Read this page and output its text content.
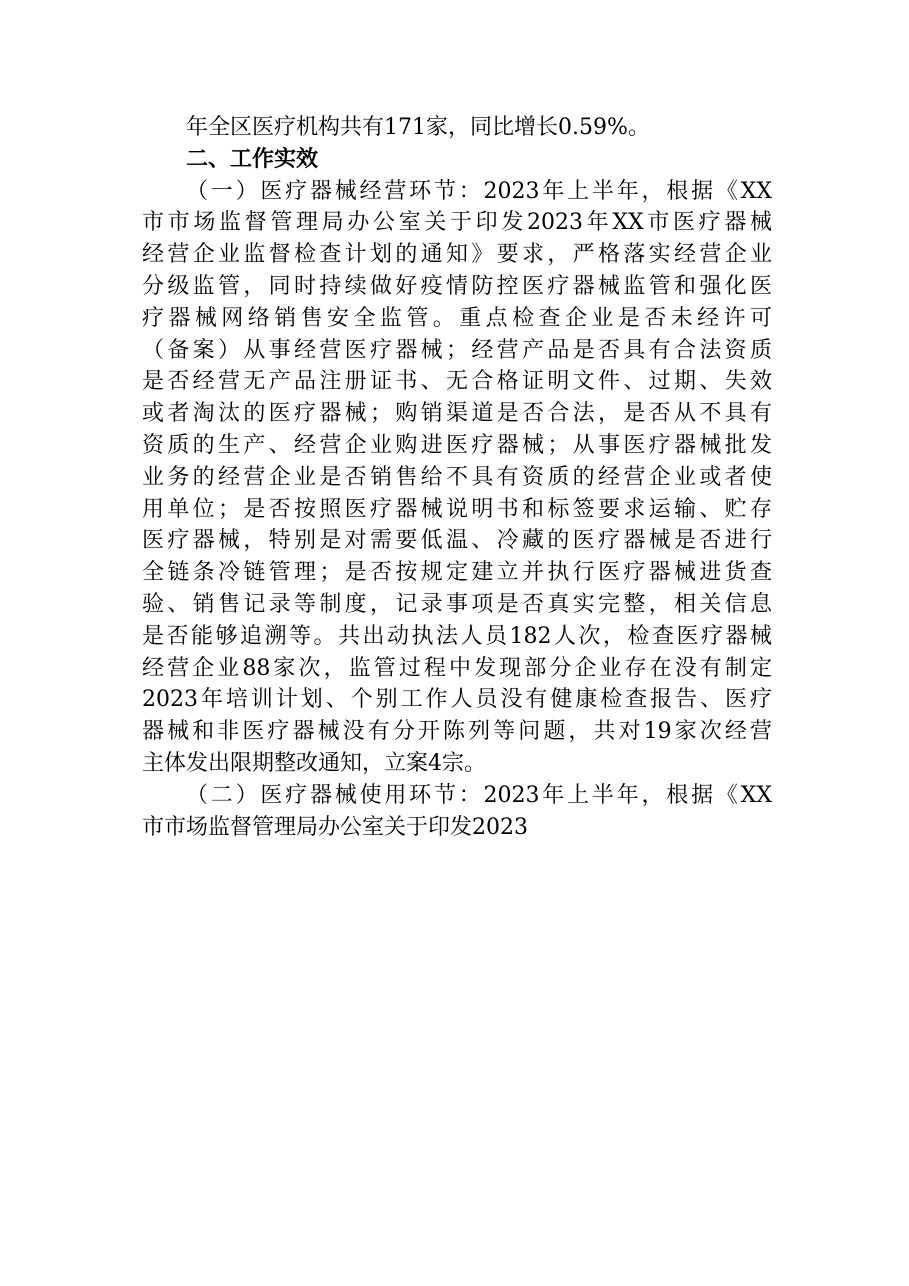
年全区医疗机构共有171家，同比增长0.59%。
二、工作实效
（一）医疗器械经营环节：2023年上半年，根据《XX
市市场监督管理局办公室关于印发2023年XX市医疗器械
经营企业监督检查计划的通知》要求，严格落实经营企业
分级监管，同时持续做好疫情防控医疗器械监管和强化医
疗器械网络销售安全监管。重点检查企业是否未经许可
（备案）从事经营医疗器械；经营产品是否具有合法资质
是否经营无产品注册证书、无合格证明文件、过期、失效
或者淘汰的医疗器械；购销渠道是否合法，是否从不具有
资质的生产、经营企业购进医疗器械；从事医疗器械批发
业务的经营企业是否销售给不具有资质的经营企业或者使
用单位；是否按照医疗器械说明书和标签要求运输、贮存
医疗器械，特别是对需要低温、冷藏的医疗器械是否进行
全链条冷链管理；是否按规定建立并执行医疗器械进货查
验、销售记录等制度，记录事项是否真实完整，相关信息
是否能够追溯等。共出动执法人员182人次，检查医疗器械
经营企业88家次，监管过程中发现部分企业存在没有制定
2023年培训计划、个别工作人员没有健康检查报告、医疗
器械和非医疗器械没有分开陈列等问题，共对19家次经营
主体发出限期整改通知，立案4宗。
（二）医疗器械使用环节：2023年上半年，根据《XX
市市场监督管理局办公室关于印发2023
